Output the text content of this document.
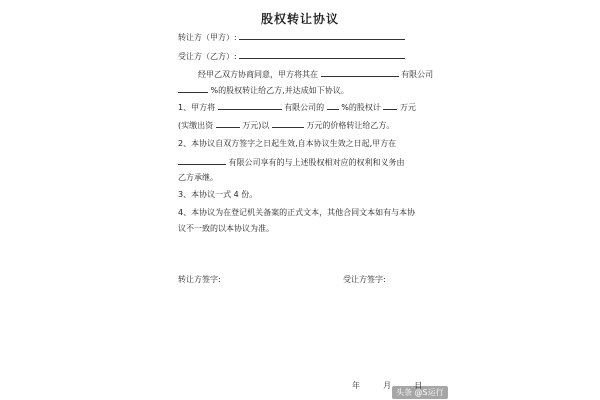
股权转让协议
转让方（甲方）:
受让方（乙方）:
经甲乙双方协商同意，甲方将其在	有限公司
%的股权转让给乙方,并达成如下协议。
1、甲方将	有限公司的 %的股权计 万元
(实缴出资	万元)以	万元的价格转让给乙方。
2、本协议自双方签字之日起生效,自本协议生效之日起,甲方在
有限公司享有的与上述股权相对应的权利和义务由
乙方承继。
3、本协议一式 4 份。
4、本协议为在登记机关备案的正式文本，其他合同文本如有与本协
议不一致的以本协议为准。
转让方签字:	受让方签字:
年	月	日
头条 @S运行
